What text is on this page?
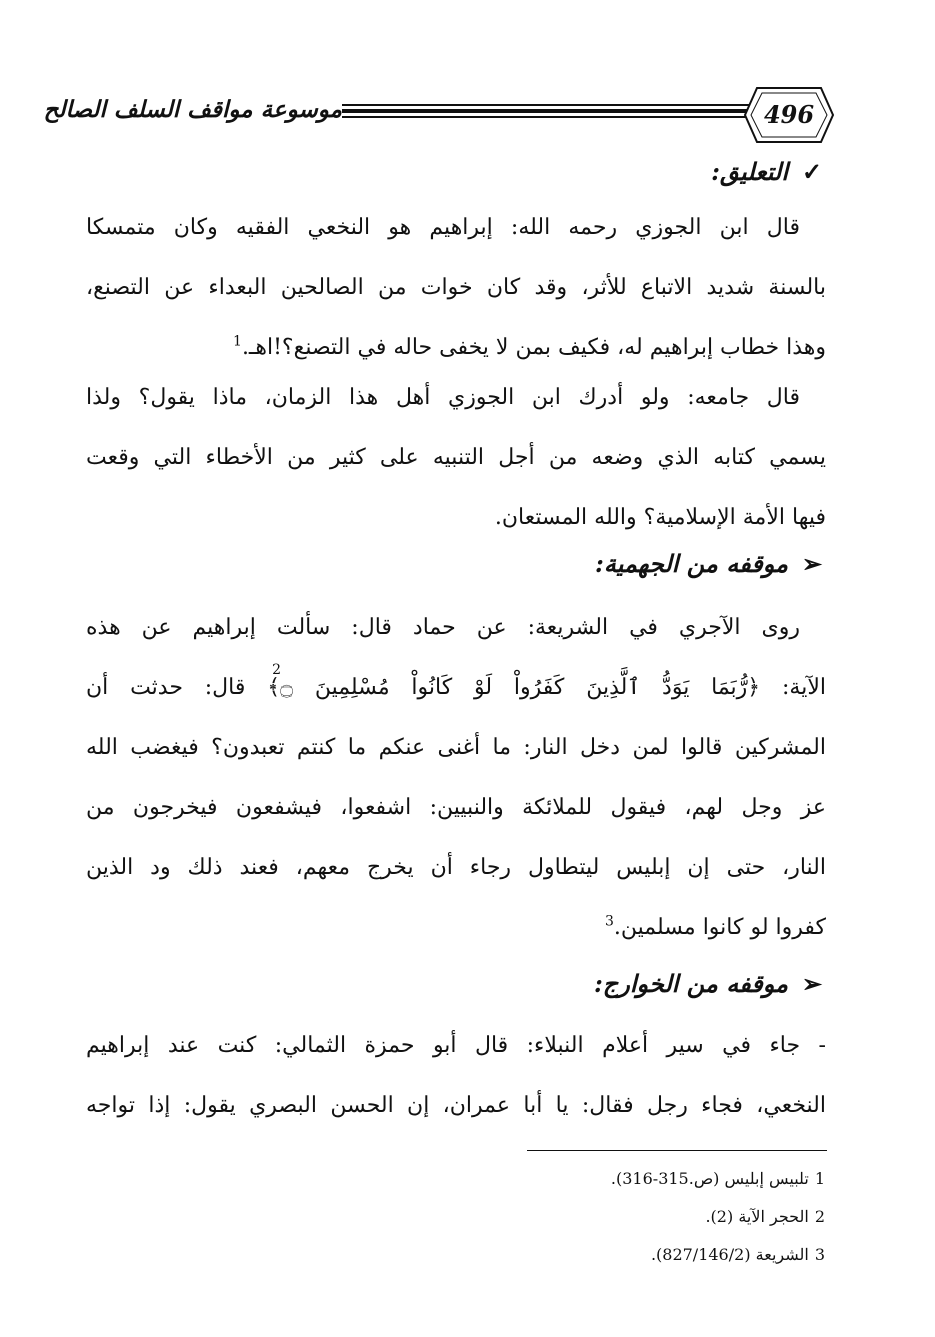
موسوعة مواقف السلف الصالح	496
✓التعليق:
قال ابن الجوزي رحمه الله: إبراهيم هو النخعي الفقيه وكان متمسكا
بالسنة شديد الاتباع للأثر، وقد كان خوات من الصالحين البعداء عن التصنع،
وهذا خطاب إبراهيم له، فكيف بمن لا يخفى حاله في التصنع؟!اهـ.$^1$
قال جامعه: ولو أدرك ابن الجوزي أهل هذا الزمان، ماذا يقول؟ ولذا
يسمي كتابه الذي وضعه من أجل التنبيه على كثير من الأخطاء التي وقعت
فيها الأمة الإسلامية؟ والله المستعان.
➢موقفه من الجهمية:
روى الآجري في الشريعة: عن حماد قال: سألت إبراهيم عن هذه
الآية: ﴿رُّبَمَا يَوَدُّ ٱلَّذِينَ كَفَرُواْ لَوْ كَانُواْ مُسْلِمِينَ ۝﴾ قال: حدثت أن
المشركين قالوا لمن دخل النار: ما أغنى عنكم ما كنتم تعبدون؟ فيغضب الله
عز وجل لهم، فيقول للملائكة والنبيين: اشفعوا، فيشفعون فيخرجون من
النار، حتى إن إبليس ليتطاول رجاء أن يخرج معهم، فعند ذلك ود الذين
كفروا لو كانوا مسلمين.$^3$
2
➢موقفه من الخوارج:
- جاء في سير أعلام النبلاء: قال أبو حمزة الثمالي: كنت عند إبراهيم
النخعي، فجاء رجل فقال: يا أبا عمران، إن الحسن البصري يقول: إذا تواجه
1تلبيس إبليس (ص.315-316).
2الحجر الآية (2).
3الشريعة (827/146/2).
